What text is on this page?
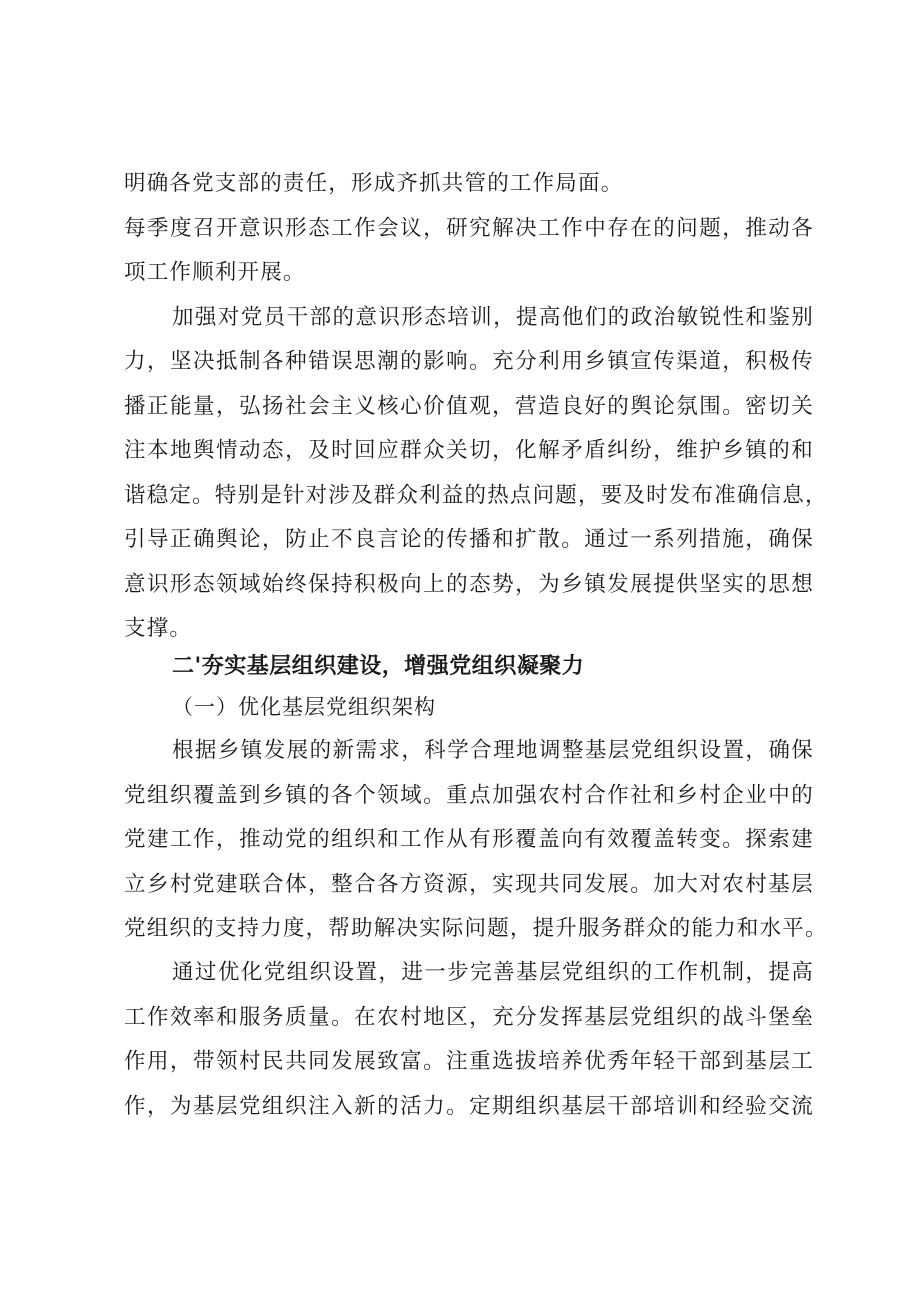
明确各党支部的责任，形成齐抓共管的工作局面。
每季度召开意识形态工作会议，研究解决工作中存在的问题，推动各
项工作顺利开展。
加强对党员干部的意识形态培训，提高他们的政治敏锐性和鉴别
力，坚决抵制各种错误思潮的影响。充分利用乡镇宣传渠道，积极传
播正能量，弘扬社会主义核心价值观，营造良好的舆论氛围。密切关
注本地舆情动态，及时回应群众关切，化解矛盾纠纷，维护乡镇的和
谐稳定。特别是针对涉及群众利益的热点问题，要及时发布准确信息，
引导正确舆论，防止不良言论的传播和扩散。通过一系列措施，确保
意识形态领域始终保持积极向上的态势，为乡镇发展提供坚实的思想
支撑。
二'夯实基层组织建设，增强党组织凝聚力
（一）优化基层党组织架构
根据乡镇发展的新需求，科学合理地调整基层党组织设置，确保
党组织覆盖到乡镇的各个领域。重点加强农村合作社和乡村企业中的
党建工作，推动党的组织和工作从有形覆盖向有效覆盖转变。探索建
立乡村党建联合体，整合各方资源，实现共同发展。加大对农村基层
党组织的支持力度，帮助解决实际问题，提升服务群众的能力和水平。
通过优化党组织设置，进一步完善基层党组织的工作机制，提高
工作效率和服务质量。在农村地区，充分发挥基层党组织的战斗堡垒
作用，带领村民共同发展致富。注重选拔培养优秀年轻干部到基层工
作，为基层党组织注入新的活力。定期组织基层干部培训和经验交流
